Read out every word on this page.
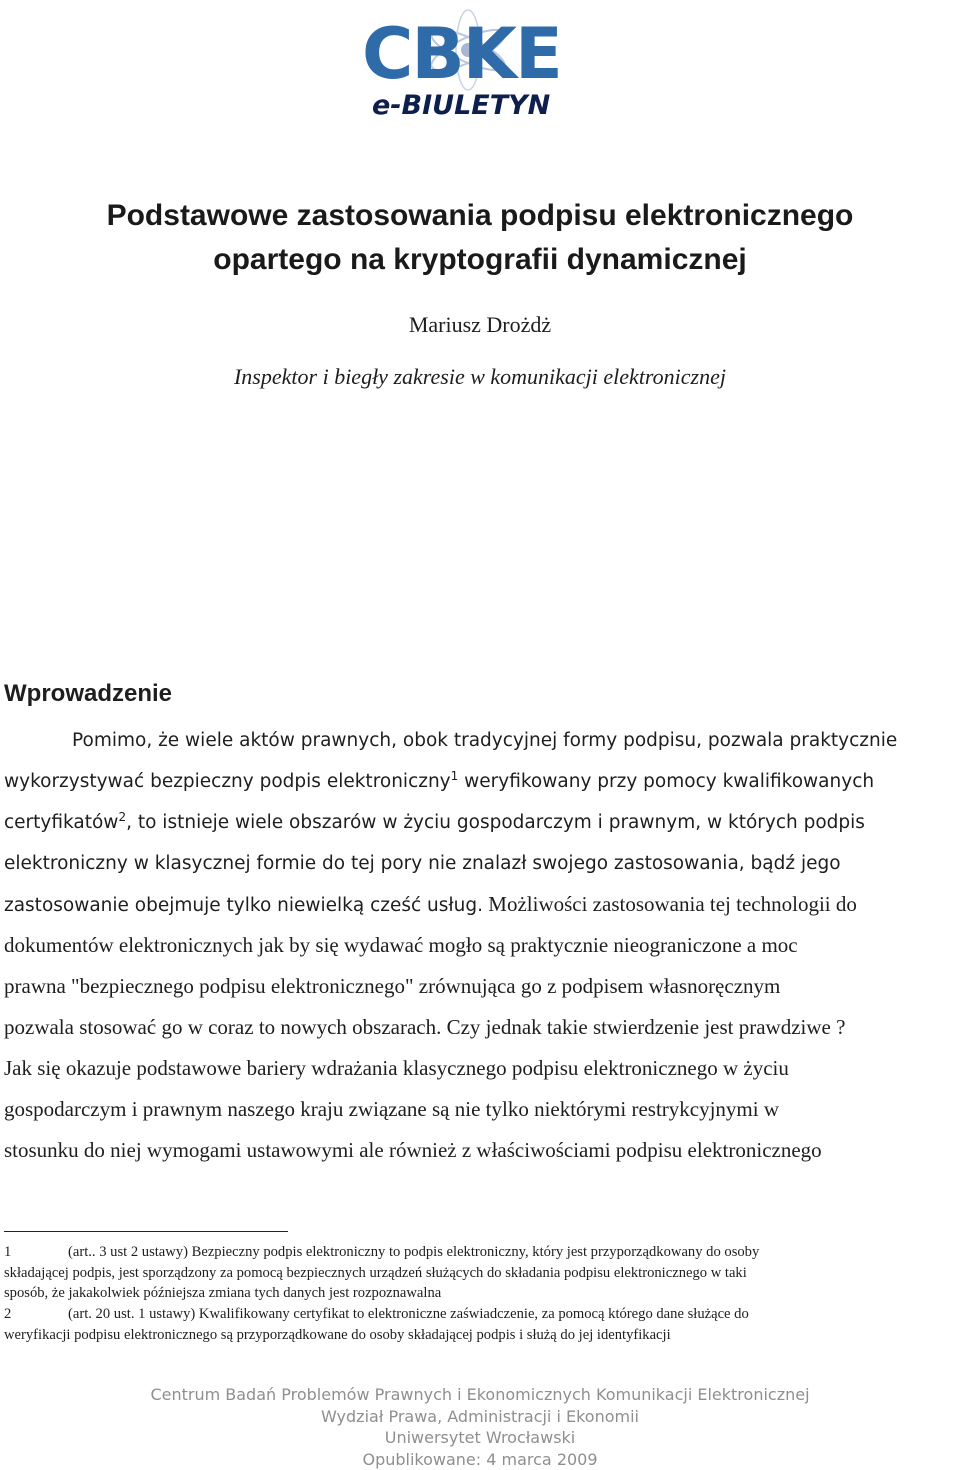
CBKE
e-BIULETYN
Podstawowe zastosowania podpisu elektronicznego
opartego na kryptografii dynamicznej
Mariusz Drożdż
Inspektor i biegły zakresie w komunikacji elektronicznej
Wprowadzenie
Pomimo, że wiele aktów prawnych, obok tradycyjnej formy podpisu, pozwala praktycznie
wykorzystywać bezpieczny podpis elektroniczny$^1$ weryfikowany przy pomocy kwalifikowanych
certyfikatów$^2$, to istnieje wiele obszarów w życiu gospodarczym i prawnym, w których podpis
elektroniczny w klasycznej formie do tej pory nie znalazł swojego zastosowania, bądź jego
zastosowanie obejmuje tylko niewielką cześć usług. Możliwości zastosowania tej technologii do
dokumentów elektronicznych jak by się wydawać mogło są praktycznie nieograniczone a moc
prawna "bezpiecznego podpisu elektronicznego" zrównująca go z podpisem własnoręcznym
pozwala stosować go w coraz to nowych obszarach. Czy jednak takie stwierdzenie jest prawdziwe ?
Jak się okazuje podstawowe bariery wdrażania klasycznego podpisu elektronicznego w życiu
gospodarczym i prawnym naszego kraju związane są nie tylko niektórymi restrykcyjnymi w
stosunku do niej wymogami ustawowymi ale również z właściwościami podpisu elektronicznego
1	(art.. 3 ust 2 ustawy) Bezpieczny podpis elektroniczny to podpis elektroniczny, który jest przyporządkowany do osoby
składającej podpis, jest sporządzony za pomocą bezpiecznych urządzeń służących do składania podpisu elektronicznego w taki
sposób, że jakakolwiek późniejsza zmiana tych danych jest rozpoznawalna
2	(art. 20 ust. 1 ustawy) Kwalifikowany certyfikat to elektroniczne zaświadczenie, za pomocą którego dane służące do
weryfikacji podpisu elektronicznego są przyporządkowane do osoby składającej podpis i służą do jej identyfikacji
Centrum Badań Problemów Prawnych i Ekonomicznych Komunikacji Elektronicznej
Wydział Prawa, Administracji i Ekonomii
Uniwersytet Wrocławski
Opublikowane: 4 marca 2009
